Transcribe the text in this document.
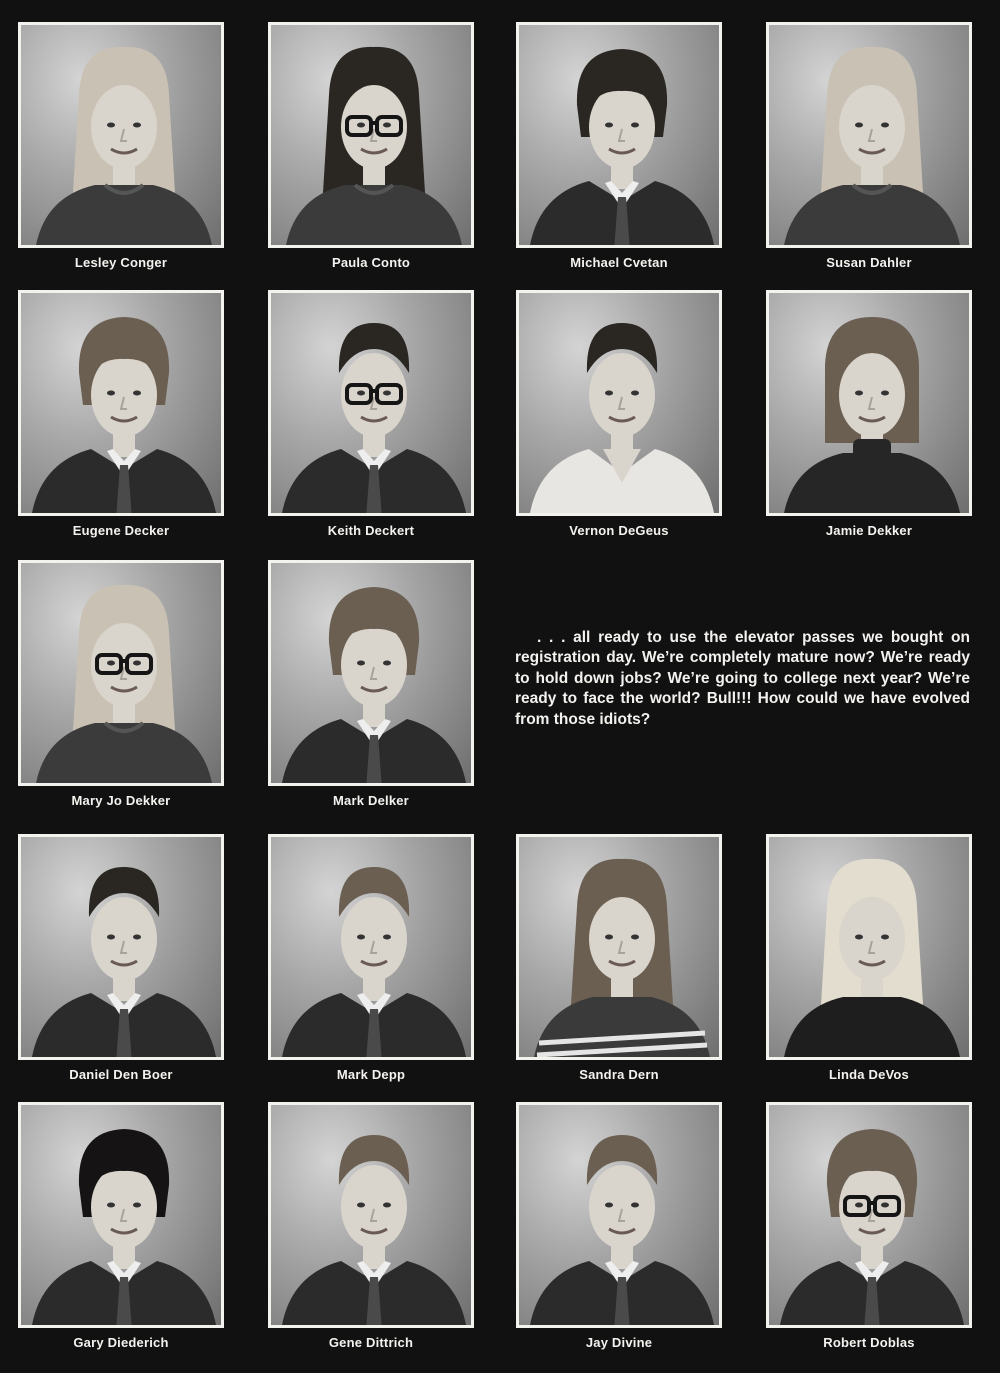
Lesley Conger	Paula Conto	Michael Cvetan	Susan Dahler
Eugene Decker	Keith Deckert	Vernon DeGeus	Jamie Dekker
Mary Jo Dekker	Mark Delker
Daniel Den Boer	Mark Depp	Sandra Dern	Linda DeVos
Gary Diederich	Gene Dittrich	Jay Divine	Robert Doblas

. . . all ready to use the elevator passes we bought on registration day. We’re completely mature now? We’re ready to hold down jobs? We’re going to college next year? We’re ready to face the world? Bull!!! How could we have evolved from those idiots?
